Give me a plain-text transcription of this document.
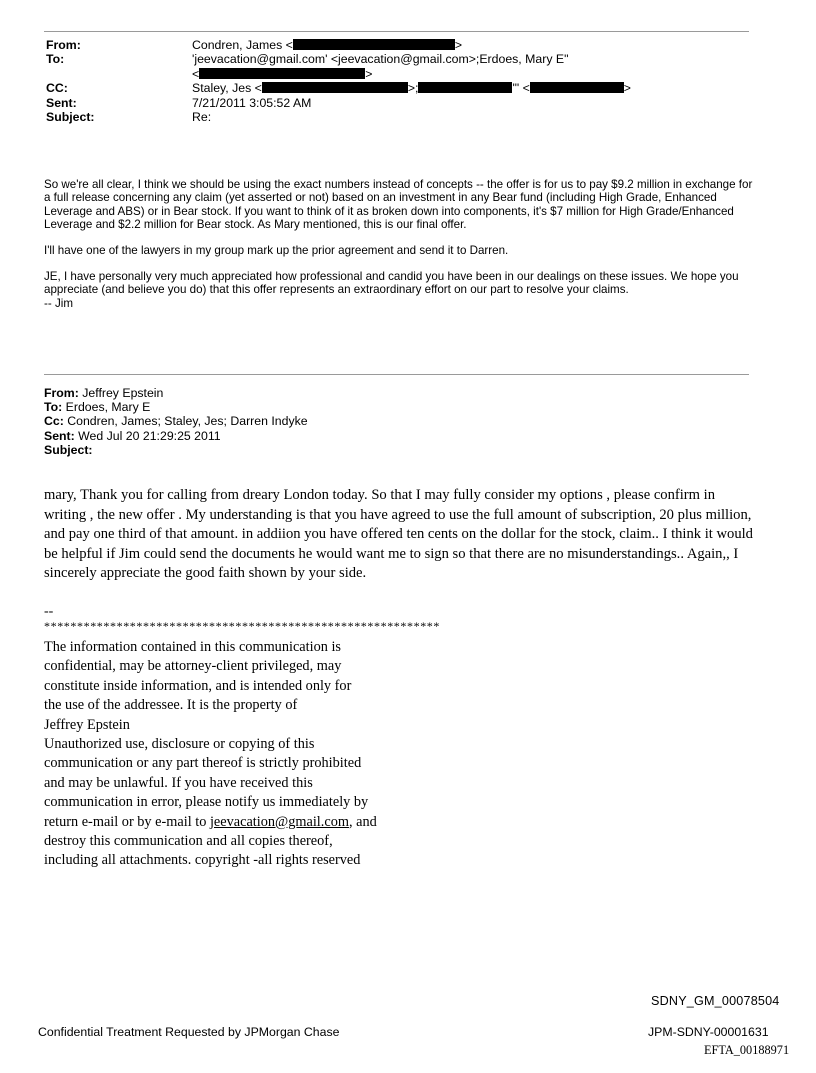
From:	Condren, James <	>
To:	'jeevacation@gmail.com' <jeevacation@gmail.com>;Erdoes, Mary E"
<	>
CC:	Staley, Jes <	>;	'" <	>
Sent:	7/21/2011 3:05:52 AM
Subject:	Re:

So we're all clear, I think we should be using the exact numbers instead of concepts -- the offer is for us to pay $9.2 million in exchange for a full release concerning any claim (yet asserted or not) based on an investment in any Bear fund (including High Grade, Enhanced Leverage and ABS) or in Bear stock. If you want to think of it as broken down into components, it's $7 million for High Grade/Enhanced Leverage and $2.2 million for Bear stock. As Mary mentioned, this is our final offer.

I'll have one of the lawyers in my group mark up the prior agreement and send it to Darren.

JE, I have personally very much appreciated how professional and candid you have been in our dealings on these issues. We hope you appreciate (and believe you do) that this offer represents an extraordinary effort on our part to resolve your claims.
-- Jim

From: Jeffrey Epstein
To: Erdoes, Mary E
Cc: Condren, James; Staley, Jes; Darren Indyke
Sent: Wed Jul 20 21:29:25 2011
Subject:
mary, Thank you for calling from dreary London today. So that I may fully consider my options , please confirm in writing , the new offer . My understanding is that you have agreed to use the full amount of subscription, 20 plus million, and pay one third of that amount. in addiion you have offered ten cents on the dollar for the stock, claim.. I think it would be helpful if Jim could send the documents he would want me to sign so that there are no misunderstandings.. Again,, I sincerely appreciate the good faith shown by your side.
--
************************************************************
The information contained in this communication is
confidential, may be attorney-client privileged, may
constitute inside information, and is intended only for
the use of the addressee. It is the property of
Jeffrey Epstein
Unauthorized use, disclosure or copying of this
communication or any part thereof is strictly prohibited
and may be unlawful. If you have received this
communication in error, please notify us immediately by
return e-mail or by e-mail to jeevacation@gmail.com, and
destroy this communication and all copies thereof,
including all attachments. copyright -all rights reserved
SDNY_GM_00078504
Confidential Treatment Requested by JPMorgan Chase	JPM-SDNY-00001631
EFTA_00188971
